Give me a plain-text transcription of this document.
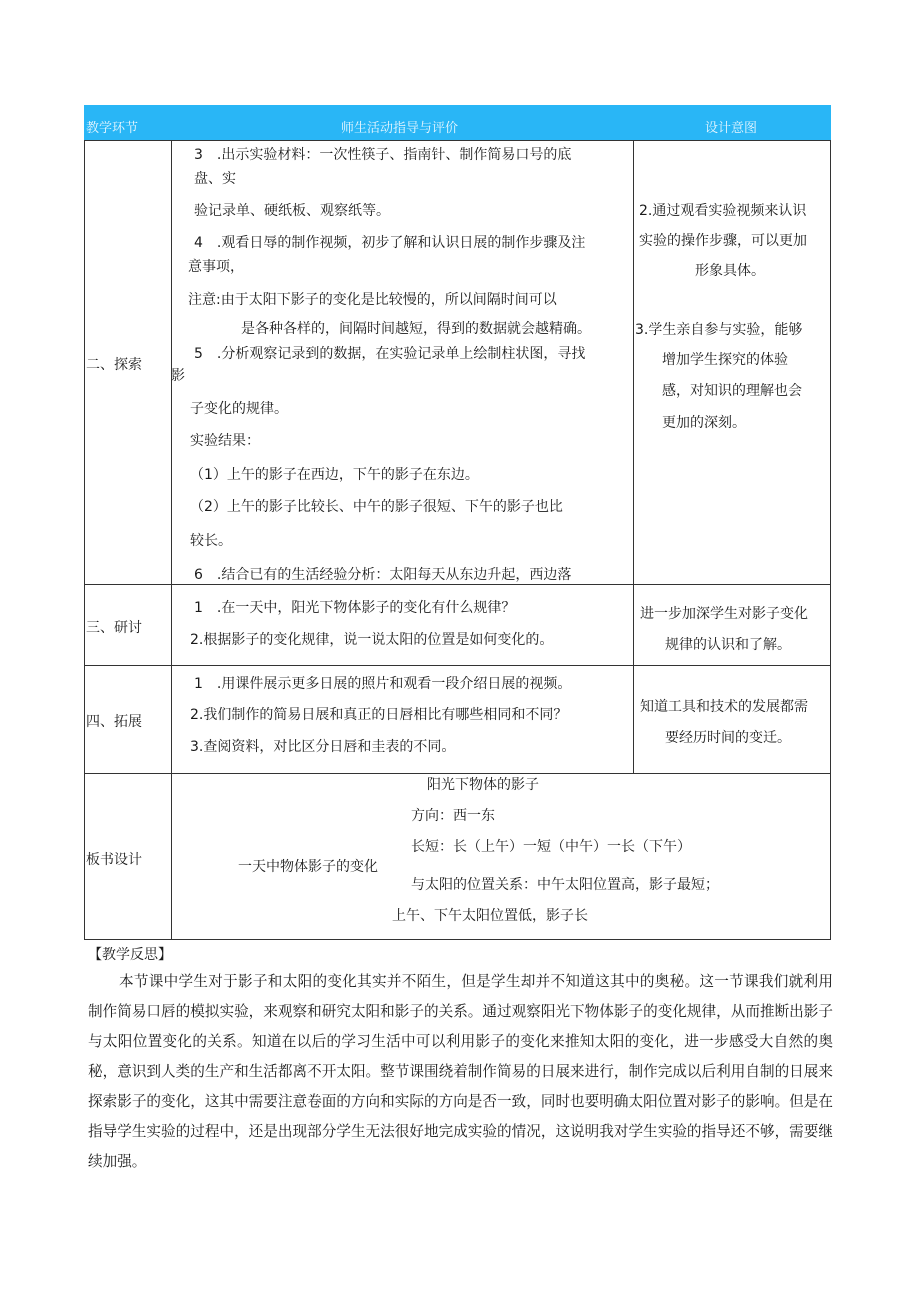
教学环节	师生活动指导与评价	设计意图
二、探索
3　.出示实验材料：一次性筷子、指南针、制作简易口号的底
盘、实
验记录单、硬纸板、观察纸等。
4　.观看日辱的制作视频，初步了解和认识日展的制作步骤及注
意事项，
注意:由于太阳下影子的变化是比较慢的，所以间隔时间可以
是各种各样的，间隔时间越短，得到的数据就会越精确。
5　.分析观察记录到的数据，在实验记录单上绘制柱状图，寻找
影
子变化的规律。
实验结果：
（1）上午的影子在西边，下午的影子在东边。
（2）上午的影子比较长、中午的影子很短、下午的影子也比
较长。
6　.结合已有的生活经验分析：太阳每天从东边升起，西边落
2.通过观看实验视频来认识
实验的操作步骤，可以更加
形象具体。
3.学生亲自参与实验，能够
增加学生探究的体验
感，对知识的理解也会
更加的深刻。
三、研讨
1　.在一天中，阳光下物体影子的变化有什么规律？
2.根据影子的变化规律，说一说太阳的位置是如何变化的。
进一步加深学生对影子变化
规律的认识和了解。
四、拓展
1　.用课件展示更多日展的照片和观看一段介绍日展的视频。
2.我们制作的简易日展和真正的日唇相比有哪些相同和不同？
3.查阅资料，对比区分日唇和圭表的不同。
知道工具和技术的发展都需
要经历时间的变迁。
板书设计
阳光下物体的影子
方向：西一东
长短：长（上午）一短（中午）一长（下午）
一天中物体影子的变化
与太阳的位置关系：中午太阳位置高，影子最短；
上午、下午太阳位置低，影子长
【教学反思】
本节课中学生对于影子和太阳的变化其实并不陌生，但是学生却并不知道这其中的奥秘。这一节课我们就利用制作简易口唇的模拟实验，来观察和研究太阳和影子的关系。通过观察阳光下物体影子的变化规律，从而推断出影子与太阳位置变化的关系。知道在以后的学习生活中可以利用影子的变化来推知太阳的变化，进一步感受大自然的奥秘，意识到人类的生产和生活都离不开太阳。整节课围绕着制作简易的日展来进行，制作完成以后利用自制的日展来探索影子的变化，这其中需要注意卷面的方向和实际的方向是否一致，同时也要明确太阳位置对影子的影响。但是在指导学生实验的过程中，还是出现部分学生无法很好地完成实验的情况，这说明我对学生实验的指导还不够，需要继续加强。
